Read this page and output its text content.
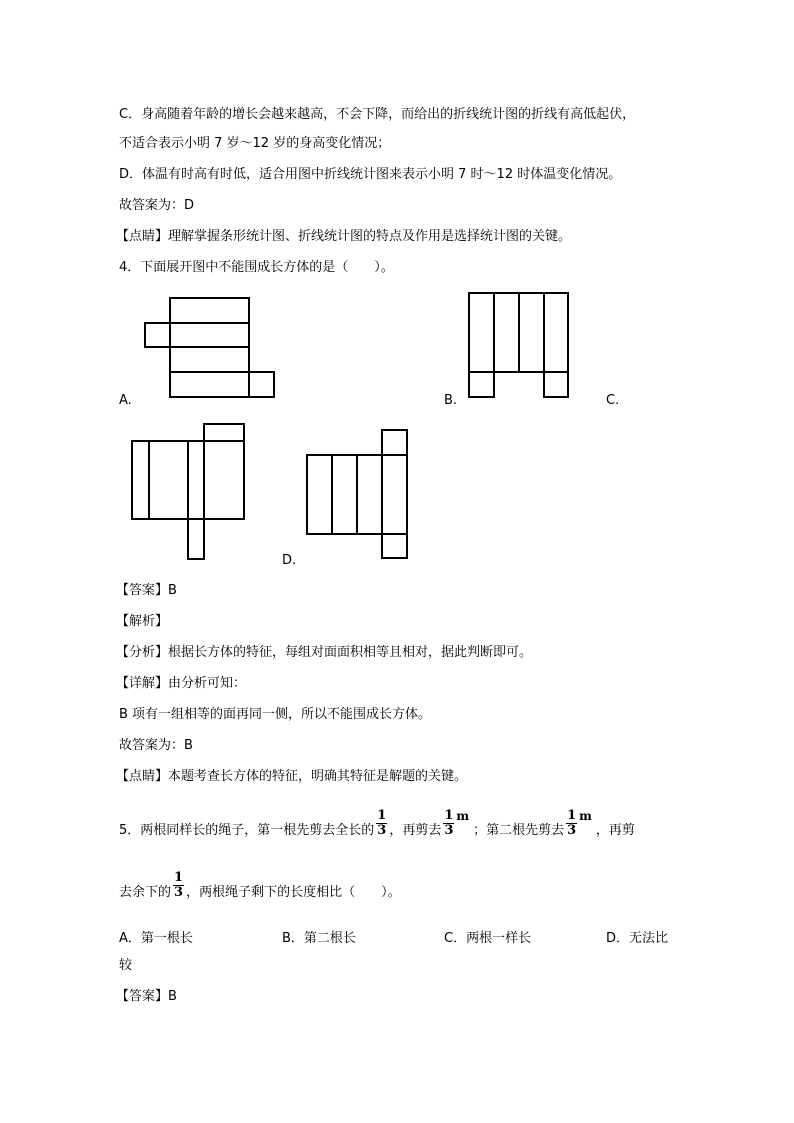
C．身高随着年龄的增长会越来越高，不会下降，而给出的折线统计图的折线有高低起伏，
不适合表示小明 7 岁～12 岁的身高变化情况；
D．体温有时高有时低，适合用图中折线统计图来表示小明 7 时～12 时体温变化情况。
故答案为：D
【点睛】理解掌握条形统计图、折线统计图的特点及作用是选择统计图的关键。
4．下面展开图中不能围成长方体的是（　　）。
A.	B.	C.
D.
【答案】B
【解析】
【分析】根据长方体的特征，每组对面面积相等且相对，据此判断即可。
【详解】由分析可知：
B 项有一组相等的面再同一侧，所以不能围成长方体。
故答案为：B
【点睛】本题考查长方体的特征，明确其特征是解题的关键。
5．两根同样长的绳子，第一根先剪去全长的 $\frac{1}{3}$ ，再剪去 $\frac{1}{3}$ m；第二根先剪去 $\frac{1}{3}$ m，再剪
去余下的 $\frac{1}{3}$ ，两根绳子剩下的长度相比（　　）。
A．第一根长	B．第二根长	C．两根一样长	D．无法比
较
【答案】B
